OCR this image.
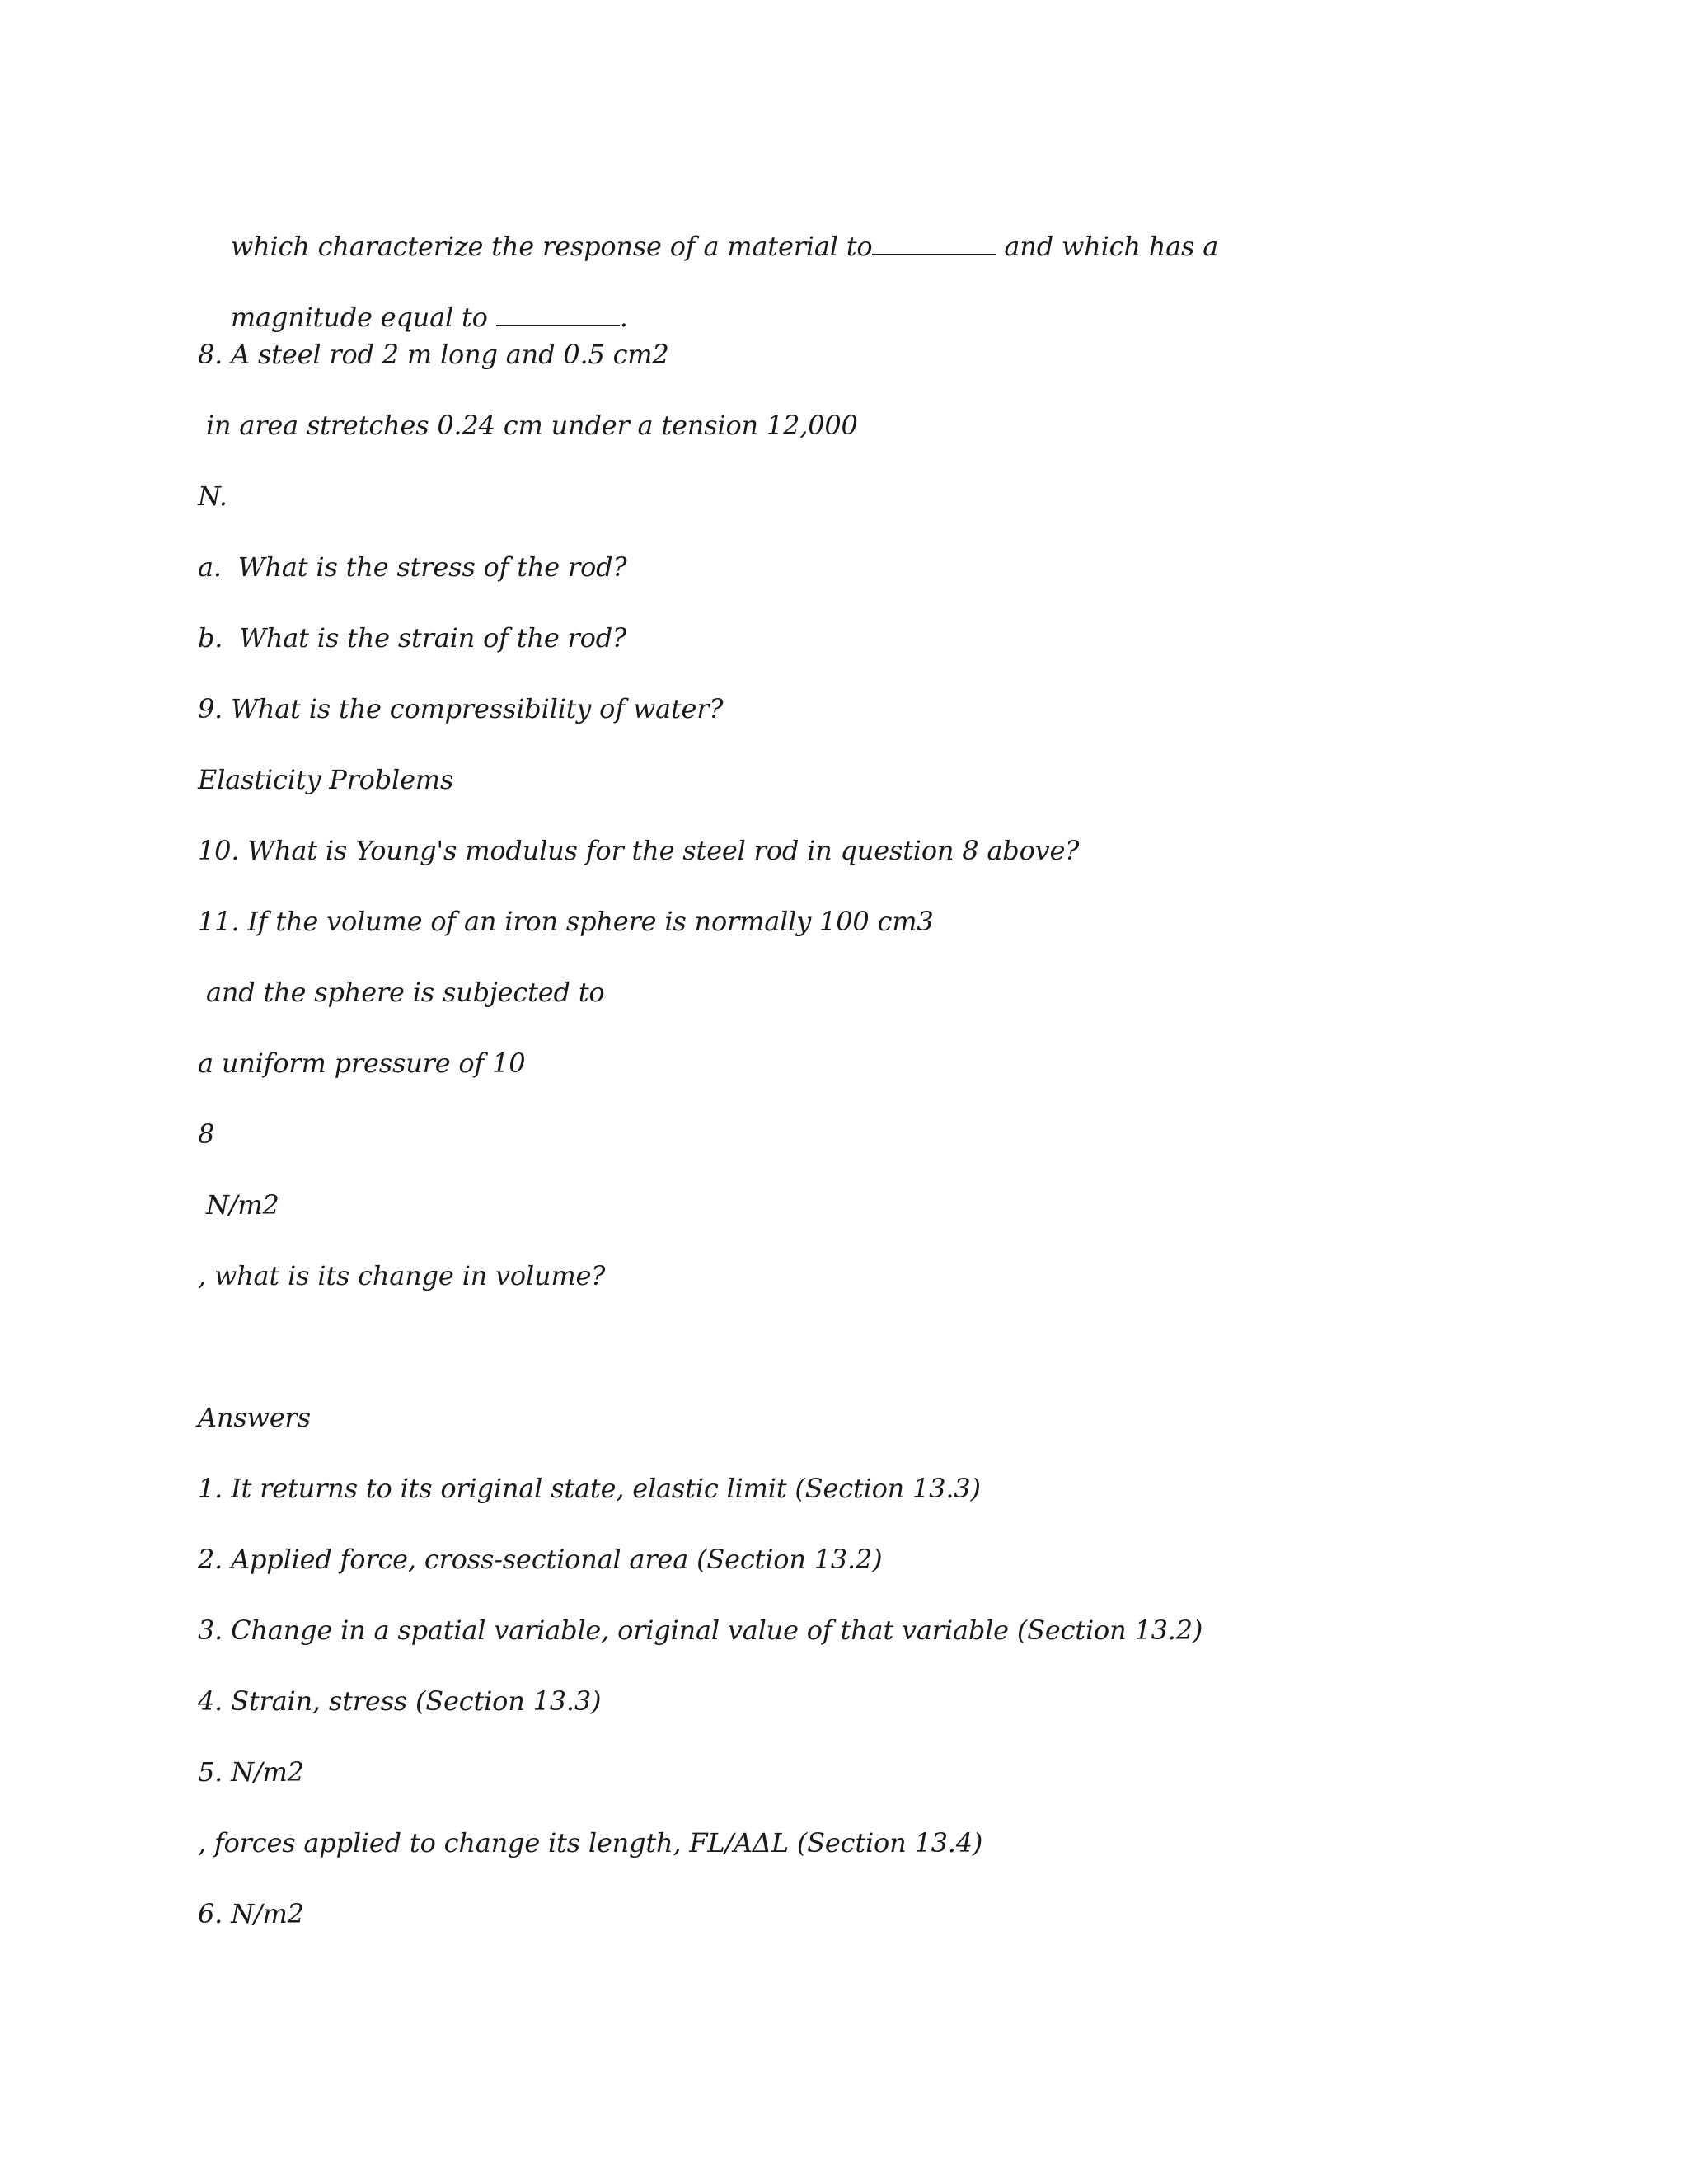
which characterize the response of a material to	and which has a

magnitude equal to	.

8. A steel rod 2 m long and 0.5 cm2
in area stretches 0.24 cm under a tension 12,000
N.
a.  What is the stress of the rod?
b.  What is the strain of the rod?
9. What is the compressibility of water?
Elasticity Problems
10. What is Young's modulus for the steel rod in question 8 above?
11. If the volume of an iron sphere is normally 100 cm3
and the sphere is subjected to
a uniform pressure of 10
8
N/m2
, what is its change in volume?
Answers
1. It returns to its original state, elastic limit (Section 13.3)
2. Applied force, cross-sectional area (Section 13.2)
3. Change in a spatial variable, original value of that variable (Section 13.2)
4. Strain, stress (Section 13.3)
5. N/m2
, forces applied to change its length, FL/AΔL (Section 13.4)
6. N/m2
